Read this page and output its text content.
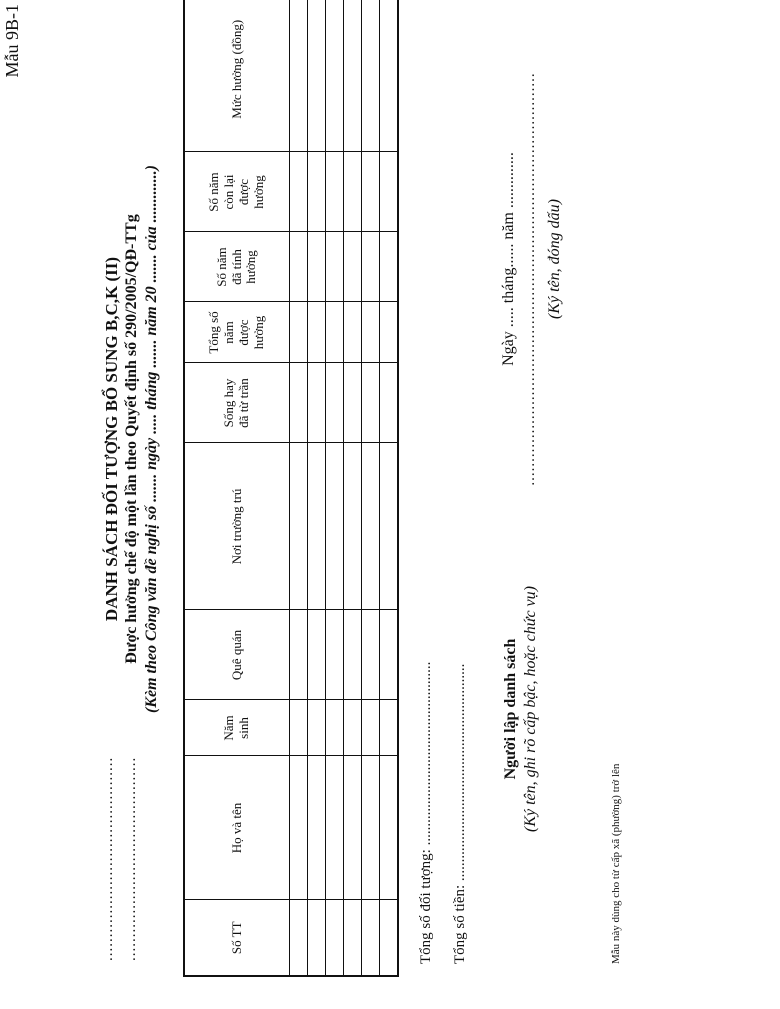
Mẫu 9B-1
........................................... ...........................................
DANH SÁCH ĐỐI TƯỢNG BỔ SUNG B,C,K (II) Được hưởng chế độ một lần theo Quyết định số 290/2005/QĐ-TTg (Kèm theo Công văn đề nghị số ....... ngày ..... tháng ....... năm 20 ....... của .............)
Số TT	Họ và tên	Năm sinh	Quê quán	Nơi trường trú	Sống hay đã từ trần	Tổng số năm được hưởng	Số năm đã tính hưởng	Số năm còn lại được hưởng	Mức hưởng (đồng)

Tổng số đối tượng: ................................................. Tổng số tiền: .......................................................... Người lập danh sách (Ký tên, ghi rõ cấp bậc, hoặc chức vụ)
Ngày ..... tháng...... năm .............. ....................................................................................... (Ký tên, đóng dấu)
Mẫu này dùng cho từ cấp xã (phường) trở lên
